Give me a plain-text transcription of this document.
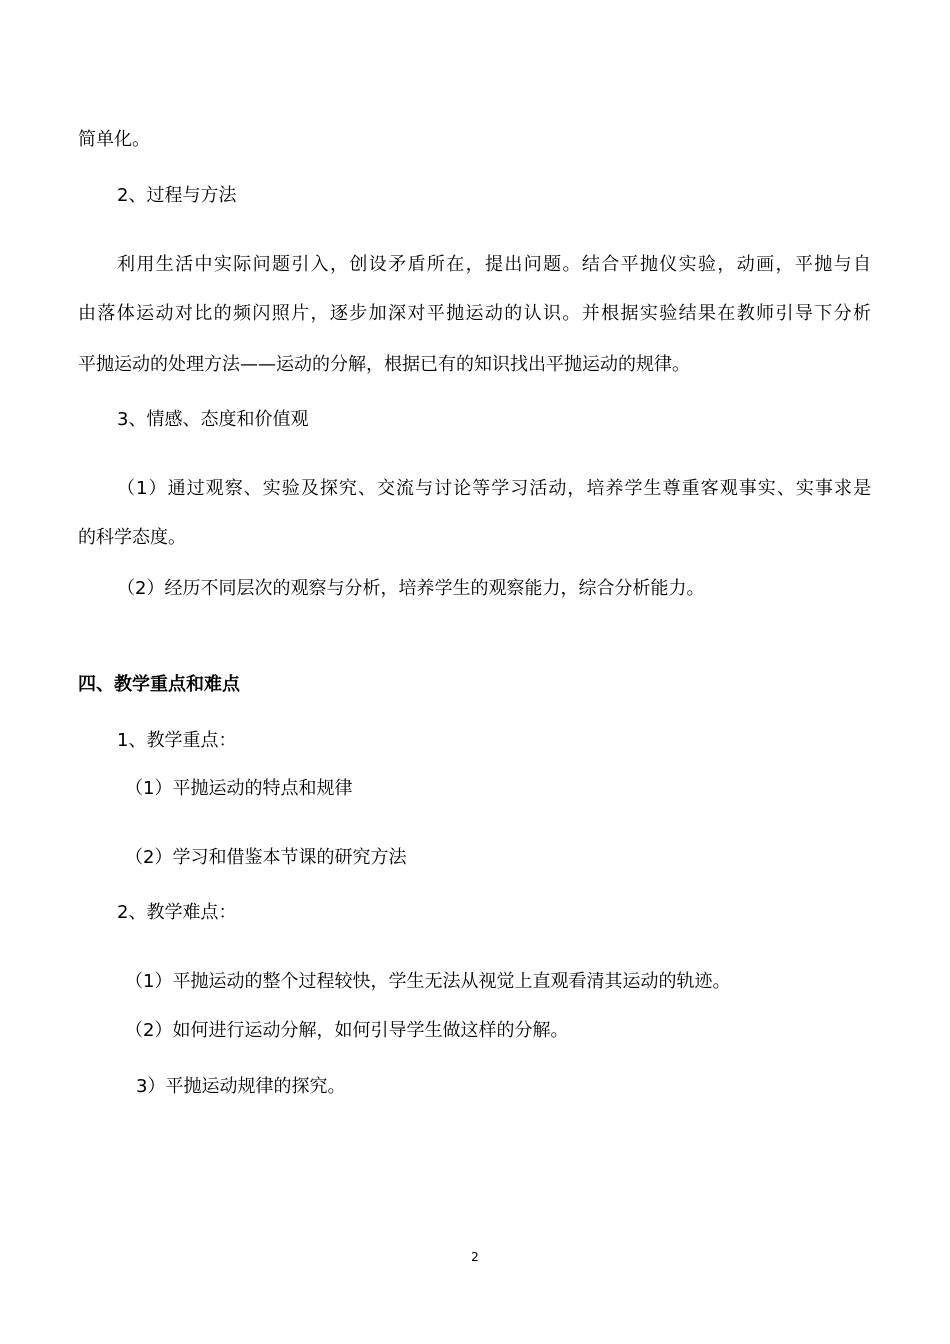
简单化。
2、过程与方法
利用生活中实际问题引入，创设矛盾所在，提出问题。结合平抛仪实验，动画，平抛与自
由落体运动对比的频闪照片，逐步加深对平抛运动的认识。并根据实验结果在教师引导下分析
平抛运动的处理方法——运动的分解，根据已有的知识找出平抛运动的规律。
3、情感、态度和价值观
（1）通过观察、实验及探究、交流与讨论等学习活动，培养学生尊重客观事实、实事求是
的科学态度。
（2）经历不同层次的观察与分析，培养学生的观察能力，综合分析能力。
四、教学重点和难点
1、教学重点：
（1）平抛运动的特点和规律
（2）学习和借鉴本节课的研究方法
2、教学难点：
（1）平抛运动的整个过程较快，学生无法从视觉上直观看清其运动的轨迹。
（2）如何进行运动分解，如何引导学生做这样的分解。
3）平抛运动规律的探究。
2
